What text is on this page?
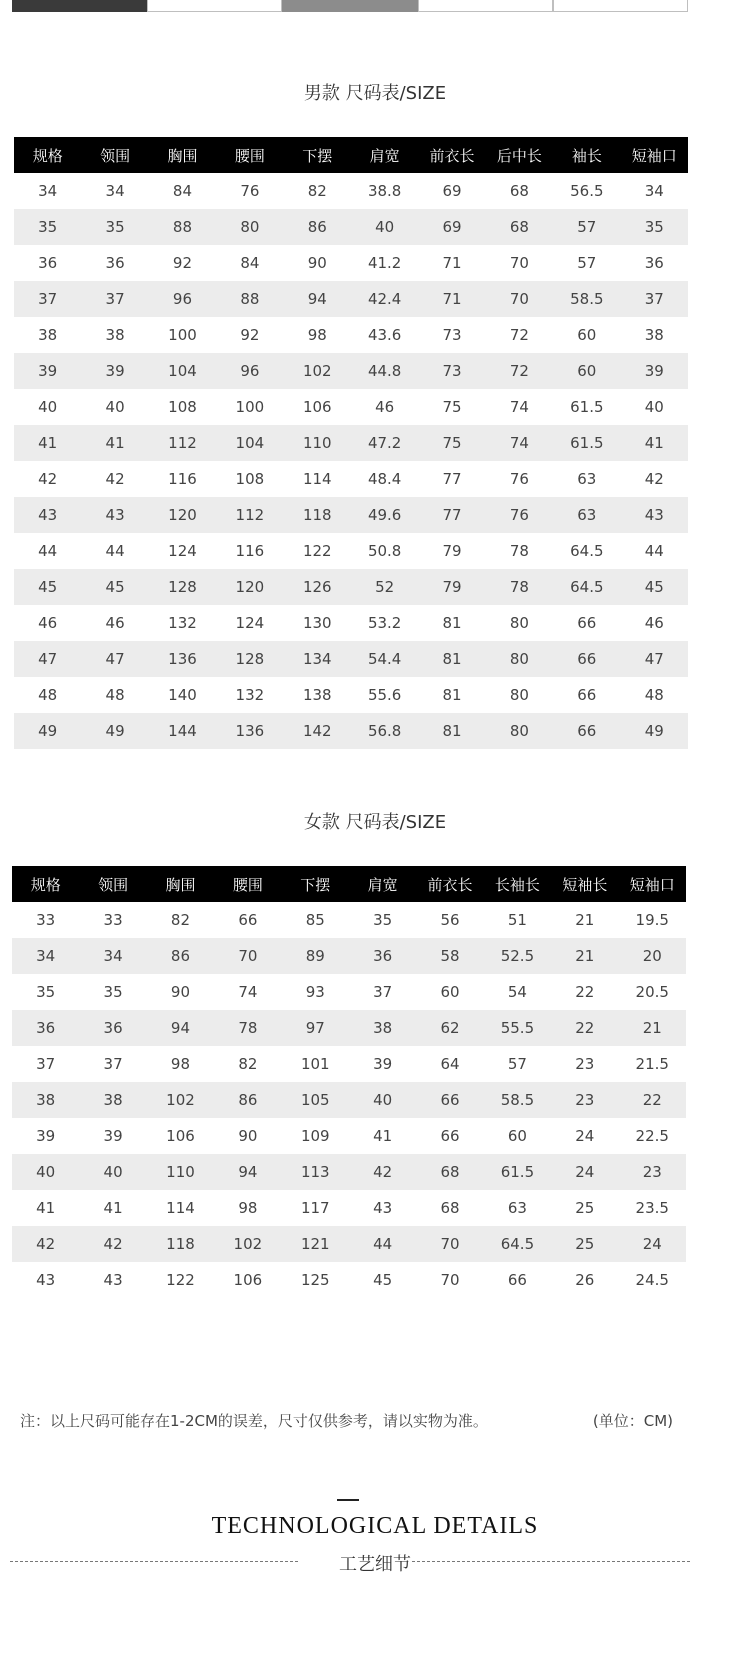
男款 尺码表/SIZE
规格	领围	胸围	腰围	下摆	肩宽	前衣长	后中长	袖长	短袖口
34	34	84	76	82	38.8	69	68	56.5	34
35	35	88	80	86	40	69	68	57	35
36	36	92	84	90	41.2	71	70	57	36
37	37	96	88	94	42.4	71	70	58.5	37
38	38	100	92	98	43.6	73	72	60	38
39	39	104	96	102	44.8	73	72	60	39
40	40	108	100	106	46	75	74	61.5	40
41	41	112	104	110	47.2	75	74	61.5	41
42	42	116	108	114	48.4	77	76	63	42
43	43	120	112	118	49.6	77	76	63	43
44	44	124	116	122	50.8	79	78	64.5	44
45	45	128	120	126	52	79	78	64.5	45
46	46	132	124	130	53.2	81	80	66	46
47	47	136	128	134	54.4	81	80	66	47
48	48	140	132	138	55.6	81	80	66	48
49	49	144	136	142	56.8	81	80	66	49
女款 尺码表/SIZE
规格	领围	胸围	腰围	下摆	肩宽	前衣长	长袖长	短袖长	短袖口
33	33	82	66	85	35	56	51	21	19.5
34	34	86	70	89	36	58	52.5	21	20
35	35	90	74	93	37	60	54	22	20.5
36	36	94	78	97	38	62	55.5	22	21
37	37	98	82	101	39	64	57	23	21.5
38	38	102	86	105	40	66	58.5	23	22
39	39	106	90	109	41	66	60	24	22.5
40	40	110	94	113	42	68	61.5	24	23
41	41	114	98	117	43	68	63	25	23.5
42	42	118	102	121	44	70	64.5	25	24
43	43	122	106	125	45	70	66	26	24.5
注：以上尺码可能存在1-2CM的误差，尺寸仅供参考，请以实物为准。	(单位：CM)
TECHNOLOGICAL DETAILS
工艺细节
